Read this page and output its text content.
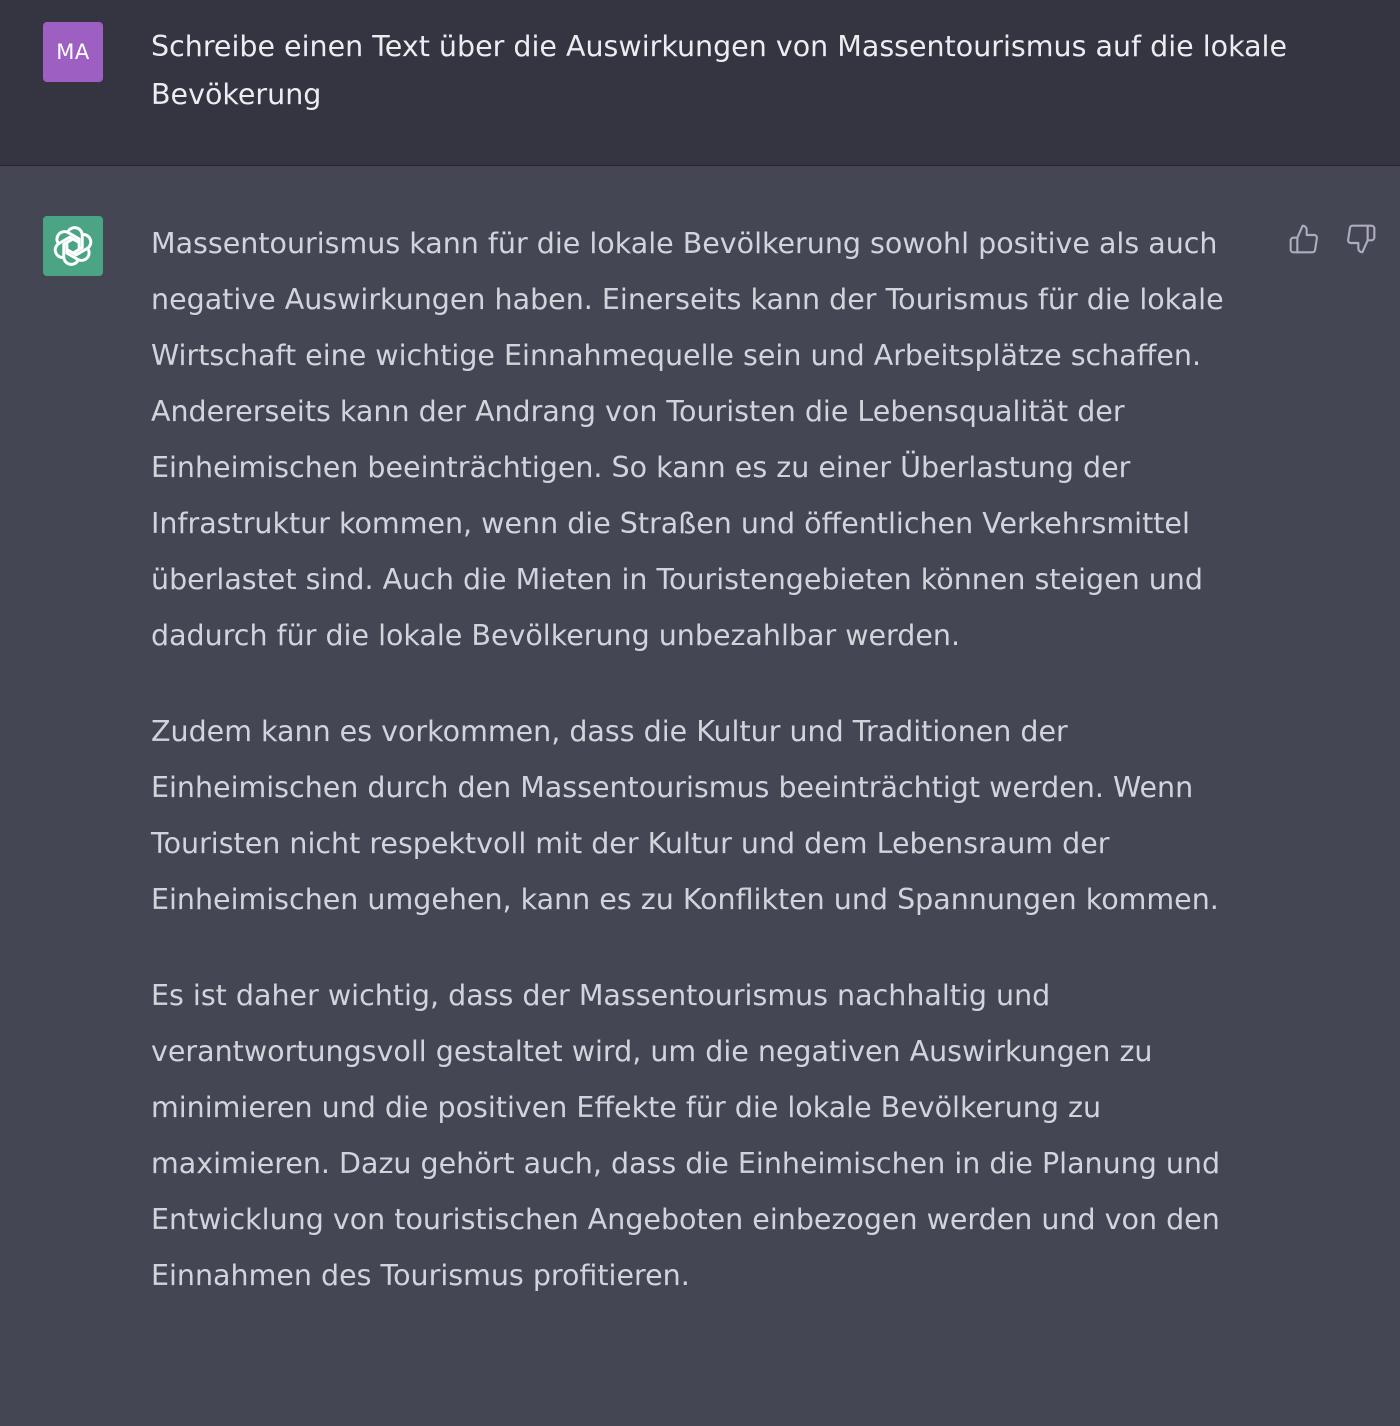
MA Schreibe einen Text über die Auswirkungen von Massentourismus auf die lokale Bevökerung

Massentourismus kann für die lokale Bevölkerung sowohl positive als auch negative Auswirkungen haben. Einerseits kann der Tourismus für die lokale Wirtschaft eine wichtige Einnahmequelle sein und Arbeitsplätze schaffen. Andererseits kann der Andrang von Touristen die Lebensqualität der Einheimischen beeinträchtigen. So kann es zu einer Überlastung der Infrastruktur kommen, wenn die Straßen und öffentlichen Verkehrsmittel überlastet sind. Auch die Mieten in Touristengebieten können steigen und dadurch für die lokale Bevölkerung unbezahlbar werden.

Zudem kann es vorkommen, dass die Kultur und Traditionen der Einheimischen durch den Massentourismus beeinträchtigt werden. Wenn Touristen nicht respektvoll mit der Kultur und dem Lebensraum der Einheimischen umgehen, kann es zu Konflikten und Spannungen kommen.

Es ist daher wichtig, dass der Massentourismus nachhaltig und verantwortungsvoll gestaltet wird, um die negativen Auswirkungen zu minimieren und die positiven Effekte für die lokale Bevölkerung zu maximieren. Dazu gehört auch, dass die Einheimischen in die Planung und Entwicklung von touristischen Angeboten einbezogen werden und von den Einnahmen des Tourismus profitieren.
